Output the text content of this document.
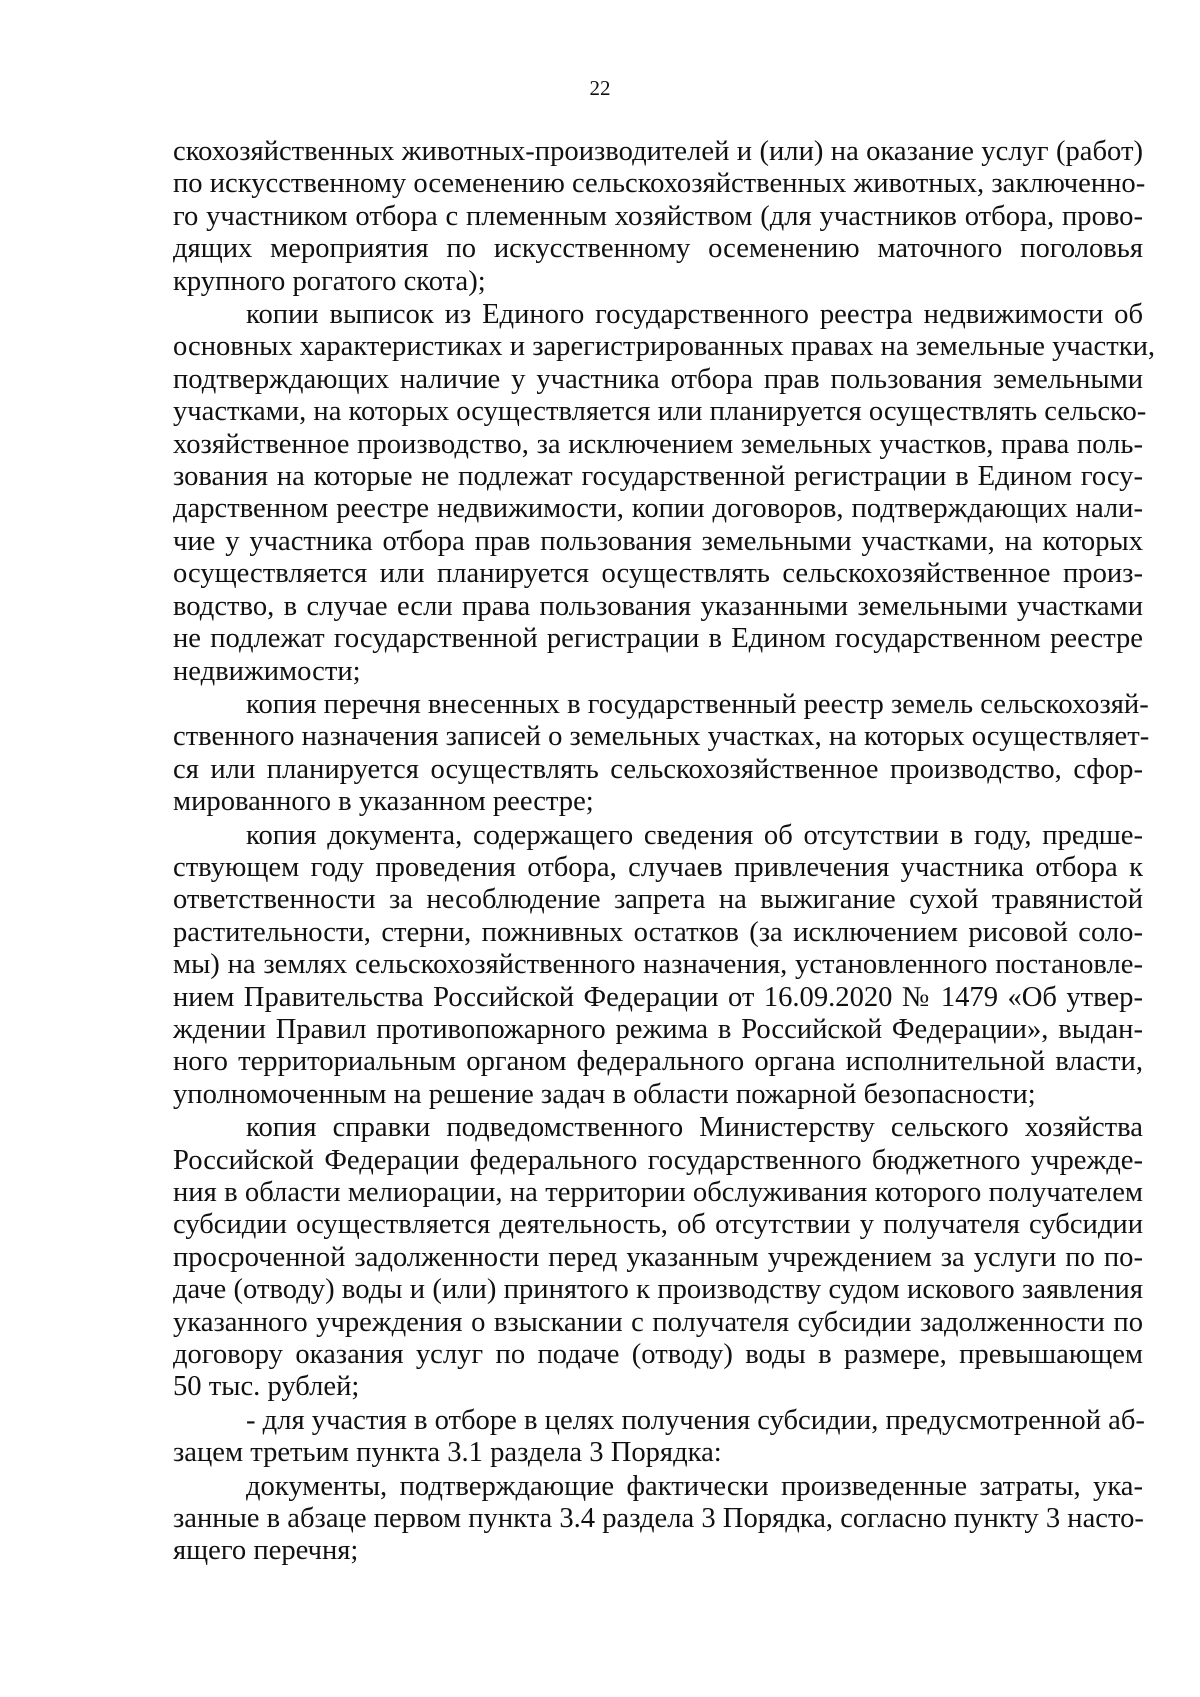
22
скохозяйственных животных-производителей и (или) на оказание услуг (работ)
по искусственному осеменению сельскохозяйственных животных, заключенно-
го участником отбора с племенным хозяйством (для участников отбора, прово-
дящих мероприятия по искусственному осеменению маточного поголовья
крупного рогатого скота);
копии выписок из Единого государственного реестра недвижимости об
основных характеристиках и зарегистрированных правах на земельные участки,
подтверждающих наличие у участника отбора прав пользования земельными
участками, на которых осуществляется или планируется осуществлять сельско-
хозяйственное производство, за исключением земельных участков, права поль-
зования на которые не подлежат государственной регистрации в Едином госу-
дарственном реестре недвижимости, копии договоров, подтверждающих нали-
чие у участника отбора прав пользования земельными участками, на которых
осуществляется или планируется осуществлять сельскохозяйственное произ-
водство, в случае если права пользования указанными земельными участками
не подлежат государственной регистрации в Едином государственном реестре
недвижимости;
копия перечня внесенных в государственный реестр земель сельскохозяй-
ственного назначения записей о земельных участках, на которых осуществляет-
ся или планируется осуществлять сельскохозяйственное производство, сфор-
мированного в указанном реестре;
копия документа, содержащего сведения об отсутствии в году, предше-
ствующем году проведения отбора, случаев привлечения участника отбора к
ответственности за несоблюдение запрета на выжигание сухой травянистой
растительности, стерни, пожнивных остатков (за исключением рисовой соло-
мы) на землях сельскохозяйственного назначения, установленного постановле-
нием Правительства Российской Федерации от 16.09.2020 № 1479 «Об утвер-
ждении Правил противопожарного режима в Российской Федерации», выдан-
ного территориальным органом федерального органа исполнительной власти,
уполномоченным на решение задач в области пожарной безопасности;
копия справки подведомственного Министерству сельского хозяйства
Российской Федерации федерального государственного бюджетного учрежде-
ния в области мелиорации, на территории обслуживания которого получателем
субсидии осуществляется деятельность, об отсутствии у получателя субсидии
просроченной задолженности перед указанным учреждением за услуги по по-
даче (отводу) воды и (или) принятого к производству судом искового заявления
указанного учреждения о взыскании с получателя субсидии задолженности по
договору оказания услуг по подаче (отводу) воды в размере, превышающем
50 тыс. рублей;
- для участия в отборе в целях получения субсидии, предусмотренной аб-
зацем третьим пункта 3.1 раздела 3 Порядка:
документы, подтверждающие фактически произведенные затраты, ука-
занные в абзаце первом пункта 3.4 раздела 3 Порядка, согласно пункту 3 насто-
ящего перечня;
